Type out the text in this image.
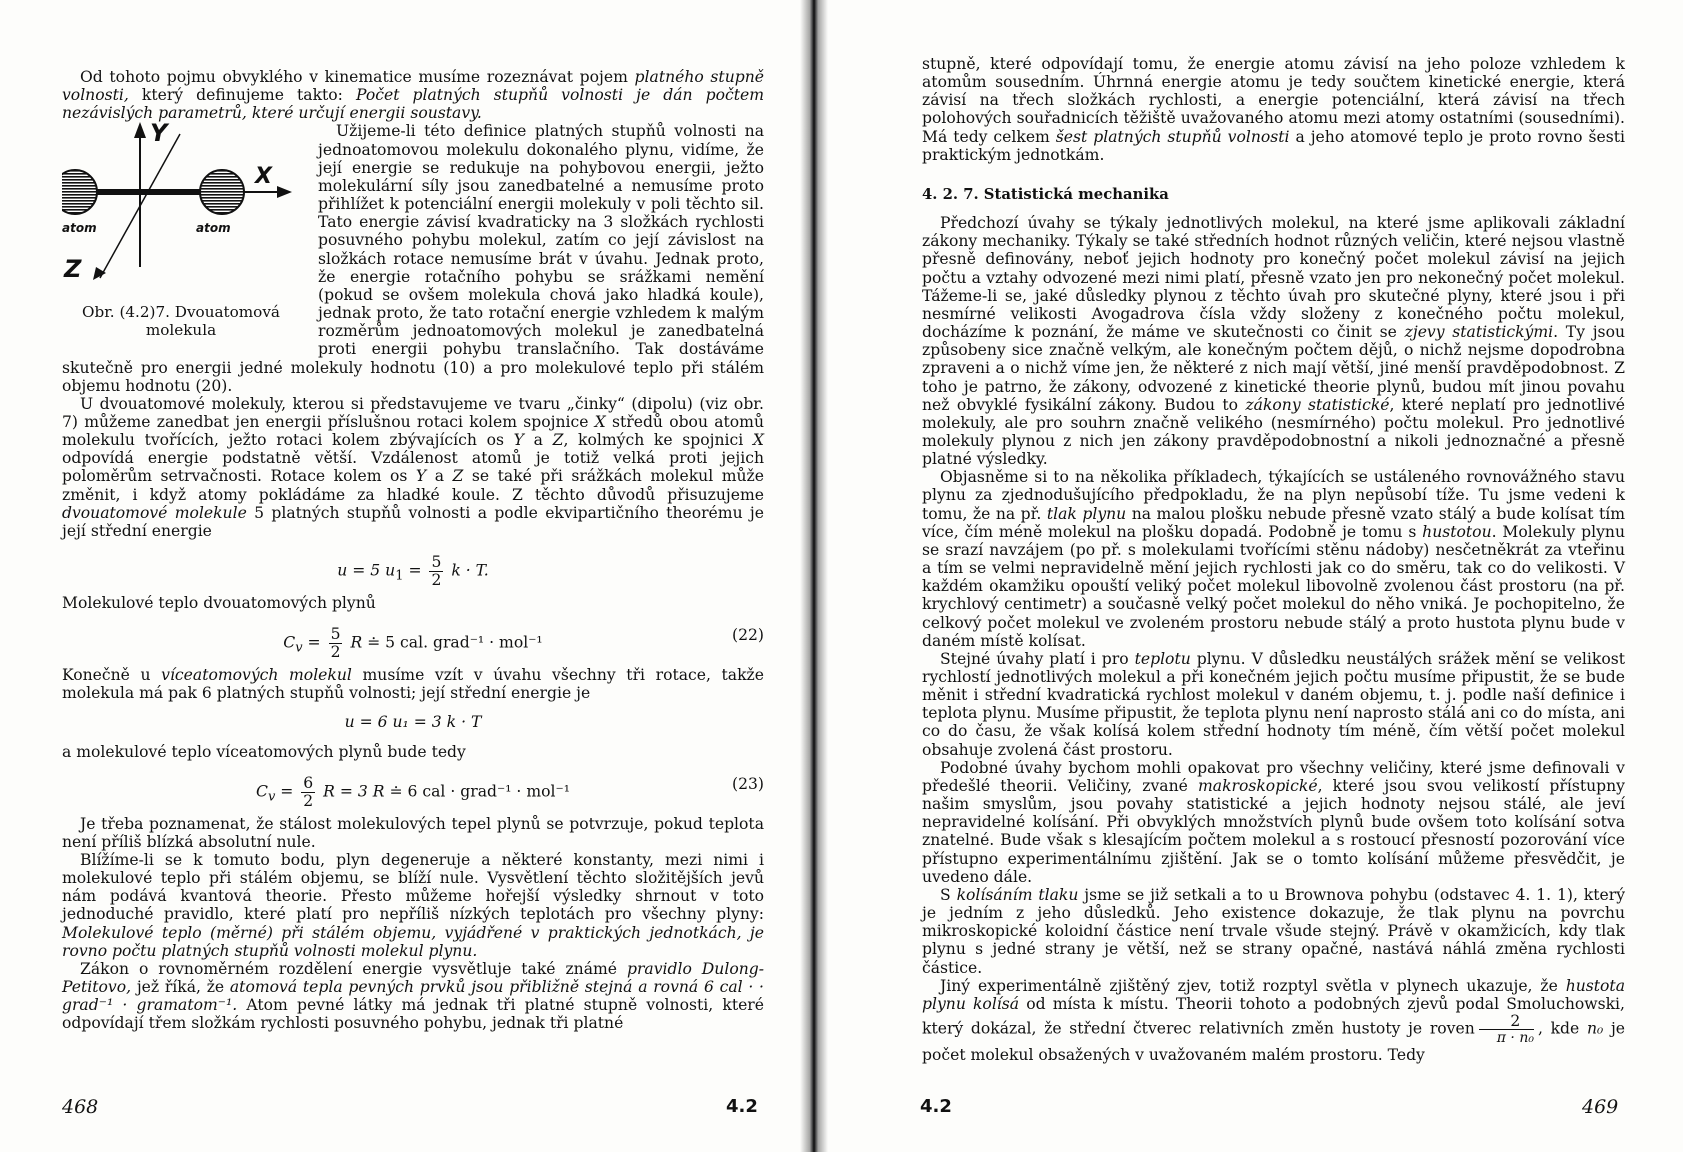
Od tohoto pojmu obvyklého v kinematice musíme rozeznávat pojem platného stupně volnosti, který definujeme takto: Počet platných stupňů volnosti je dán počtem nezávislých parametrů, které určují energii soustavy.

Y
X
Z
atom	atom
Obr. (4.2)7. Dvouatomová molekula

Užijeme-li této definice platných stupňů volnosti na jednoatomovou molekulu dokonalého plynu, vidíme, že její energie se redukuje na pohybovou energii, ježto molekulární síly jsou zanedbatelné a nemusíme proto přihlížet k potenciální energii molekuly v poli těchto sil. Tato energie závisí kvadraticky na 3 složkách rychlosti posuvného pohybu molekul, zatím co její závislost na složkách rotace nemusíme brát v úvahu. Jednak proto, že energie rotačního pohybu se srážkami nemění (pokud se ovšem molekula chová jako hladká koule), jednak proto, že tato rotační energie vzhledem k malým rozměrům jednoatomových molekul je zanedbatelná proti energii pohybu translačního. Tak dostáváme skutečně pro energii jedné molekuly hodnotu (10) a pro molekulové teplo při stálém objemu hodnotu (20).

U dvouatomové molekuly, kterou si představujeme ve tvaru „činky“ (dipolu) (viz obr. 7) můžeme zanedbat jen energii příslušnou rotaci kolem spojnice X středů obou atomů molekulu tvořících, ježto rotaci kolem zbývajících os Y a Z, kolmých ke spojnici X odpovídá energie podstatně větší. Vzdálenost atomů je totiž velká proti jejich poloměrům setrvačnosti. Rotace kolem os Y a Z se také při srážkách molekul může změnit, i když atomy pokládáme za hladké koule. Z těchto důvodů přisuzujeme dvouatomové molekule 5 platných stupňů volnosti a podle ekvipartičního theorému je její střední energie

u = 5 $u_1 = \frac{5}{2}$ k · T.

Molekulové teplo dvouatomových plynů

$C_v = \frac{5}{2}$ R ≐ 5 cal. grad⁻¹ · mol⁻¹	(22)

Konečně u víceatomových molekul musíme vzít v úvahu všechny tři rotace, takže molekula má pak 6 platných stupňů volnosti; její střední energie je

u = 6 u₁ = 3 k · T

a molekulové teplo víceatomových plynů bude tedy

$C_v = \frac{6}{2}$ R = 3 R ≐ 6 cal · grad⁻¹ · mol⁻¹	(23)

Je třeba poznamenat, že stálost molekulových tepel plynů se potvrzuje, pokud teplota není příliš blízká absolutní nule.

Blížíme-li se k tomuto bodu, plyn degeneruje a některé konstanty, mezi nimi i molekulové teplo při stálém objemu, se blíží nule. Vysvětlení těchto složitějších jevů nám podává kvantová theorie. Přesto můžeme hořejší výsledky shrnout v toto jednoduché pravidlo, které platí pro nepříliš nízkých teplotách pro všechny plyny: Molekulové teplo (měrné) při stálém objemu, vyjádřené v praktických jednotkách, je rovno počtu platných stupňů volnosti molekul plynu.

Zákon o rovnoměrném rozdělení energie vysvětluje také známé pravidlo Dulong-Petitovo, jež říká, že atomová tepla pevných prvků jsou přibližně stejná a rovná 6 cal · · grad⁻¹ · gramatom⁻¹. Atom pevné látky má jednak tři platné stupně volnosti, které odpovídají třem složkám rychlosti posuvného pohybu, jednak tři platné

468	4.2

stupně, které odpovídají tomu, že energie atomu závisí na jeho poloze vzhledem k atomům sousedním. Úhrnná energie atomu je tedy součtem kinetické energie, která závisí na třech složkách rychlosti, a energie potenciální, která závisí na třech polohových souřadnicích těžiště uvažovaného atomu mezi atomy ostatními (sousedními). Má tedy celkem šest platných stupňů volnosti a jeho atomové teplo je proto rovno šesti praktickým jednotkám.

4. 2. 7. Statistická mechanika

Předchozí úvahy se týkaly jednotlivých molekul, na které jsme aplikovali základní zákony mechaniky. Týkaly se také středních hodnot různých veličin, které nejsou vlastně přesně definovány, neboť jejich hodnoty pro konečný počet molekul závisí na jejich počtu a vztahy odvozené mezi nimi platí, přesně vzato jen pro nekonečný počet molekul. Tážeme-li se, jaké důsledky plynou z těchto úvah pro skutečné plyny, které jsou i při nesmírné velikosti Avogadrova čísla vždy složeny z konečného počtu molekul, docházíme k poznání, že máme ve skutečnosti co činit se zjevy statistickými. Ty jsou způsobeny sice značně velkým, ale konečným počtem dějů, o nichž nejsme dopodrobna zpraveni a o nichž víme jen, že některé z nich mají větší, jiné menší pravděpodobnost. Z toho je patrno, že zákony, odvozené z kinetické theorie plynů, budou mít jinou povahu než obvyklé fysikální zákony. Budou to zákony statistické, které neplatí pro jednotlivé molekuly, ale pro souhrn značně velikého (nesmírného) počtu molekul. Pro jednotlivé molekuly plynou z nich jen zákony pravděpodobnostní a nikoli jednoznačné a přesně platné výsledky.

Objasněme si to na několika příkladech, týkajících se ustáleného rovnovážného stavu plynu za zjednodušujícího předpokladu, že na plyn nepůsobí tíže. Tu jsme vedeni k tomu, že na př. tlak plynu na malou plošku nebude přesně vzato stálý a bude kolísat tím více, čím méně molekul na plošku dopadá. Podobně je tomu s hustotou. Molekuly plynu se srazí navzájem (po př. s molekulami tvořícími stěnu nádoby) nesčetněkrát za vteřinu a tím se velmi nepravidelně mění jejich rychlosti jak co do směru, tak co do velikosti. V každém okamžiku opouští veliký počet molekul libovolně zvolenou část prostoru (na př. krychlový centimetr) a současně velký počet molekul do něho vniká. Je pochopitelno, že celkový počet molekul ve zvoleném prostoru nebude stálý a proto hustota plynu bude v daném místě kolísat.

Stejné úvahy platí i pro teplotu plynu. V důsledku neustálých srážek mění se velikost rychlostí jednotlivých molekul a při konečném jejich počtu musíme připustit, že se bude měnit i střední kvadratická rychlost molekul v daném objemu, t. j. podle naší definice i teplota plynu. Musíme připustit, že teplota plynu není naprosto stálá ani co do místa, ani co do času, že však kolísá kolem střední hodnoty tím méně, čím větší počet molekul obsahuje zvolená část prostoru.

Podobné úvahy bychom mohli opakovat pro všechny veličiny, které jsme definovali v předešlé theorii. Veličiny, zvané makroskopické, které jsou svou velikostí přístupny našim smyslům, jsou povahy statistické a jejich hodnoty nejsou stálé, ale jeví nepravidelné kolísání. Při obvyklých množstvích plynů bude ovšem toto kolísání sotva znatelné. Bude však s klesajícím počtem molekul a s rostoucí přesností pozorování více přístupno experimentálnímu zjištění. Jak se o tomto kolísání můžeme přesvědčit, je uvedeno dále.

S kolísáním tlaku jsme se již setkali a to u Brownova pohybu (odstavec 4. 1. 1), který je jedním z jeho důsledků. Jeho existence dokazuje, že tlak plynu na povrchu mikroskopické koloidní částice není trvale všude stejný. Právě v okamžicích, kdy tlak plynu s jedné strany je větší, než se strany opačné, nastává náhlá změna rychlosti částice.

Jiný experimentálně zjištěný zjev, totiž rozptyl světla v plynech ukazuje, že hustota plynu kolísá od místa k místu. Theorii tohoto a podobných zjevů podal Smoluchowski, který dokázal, že střední čtverec relativních změn hustoty je roven $\frac{2}{\text{π · n₀}}$ , kde n₀ je počet molekul obsažených v uvažovaném malém prostoru. Tedy

4.2	469
